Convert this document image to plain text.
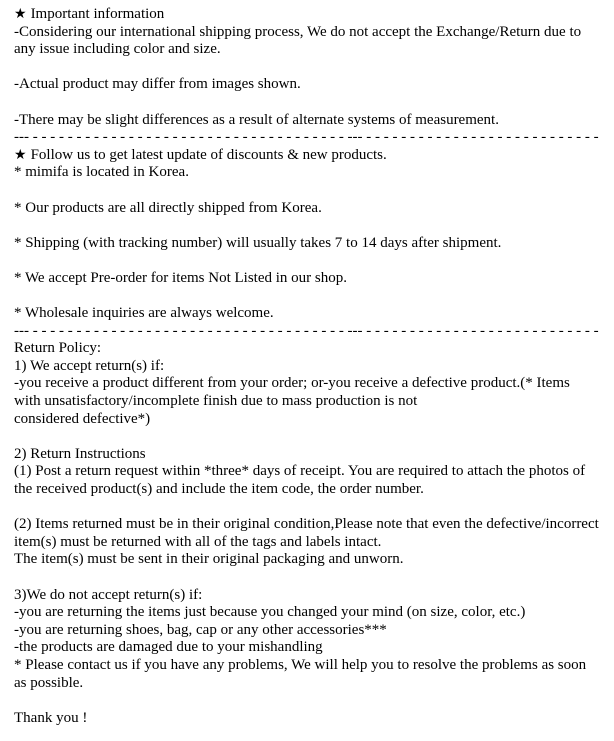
★ Important information
-Considering our international shipping process, We do not accept the Exchange/Return due to
any issue including color and size.
-Actual product may differ from images shown.
-There may be slight differences as a result of alternate systems of measurement.
--- - - - - - - - - - - - - - - - - - - - - - - - - - - - - - - - - - - - - --- - - - - - - - - - - - - - - - - - - - - - - - - - - -
★ Follow us to get latest update of discounts & new products.
* mimifa is located in Korea.
* Our products are all directly shipped from Korea.
* Shipping (with tracking number) will usually takes 7 to 14 days after shipment.
* We accept Pre-order for items Not Listed in our shop.
* Wholesale inquiries are always welcome.
--- - - - - - - - - - - - - - - - - - - - - - - - - - - - - - - - - - - - - --- - - - - - - - - - - - - - - - - - - - - - - - - - - -
Return Policy:
1) We accept return(s) if:
-you receive a product different from your order; or-you receive a defective product.(* Items
with unsatisfactory/incomplete finish due to mass production is not
considered defective*)
2) Return Instructions
(1) Post a return request within *three* days of receipt. You are required to attach the photos of
the received product(s) and include the item code, the order number.
(2) Items returned must be in their original condition,Please note that even the defective/incorrect
item(s) must be returned with all of the tags and labels intact.
The item(s) must be sent in their original packaging and unworn.
3)We do not accept return(s) if:
-you are returning the items just because you changed your mind (on size, color, etc.)
-you are returning shoes, bag, cap or any other accessories***
-the products are damaged due to your mishandling
* Please contact us if you have any problems, We will help you to resolve the problems as soon
as possible.
Thank you !
